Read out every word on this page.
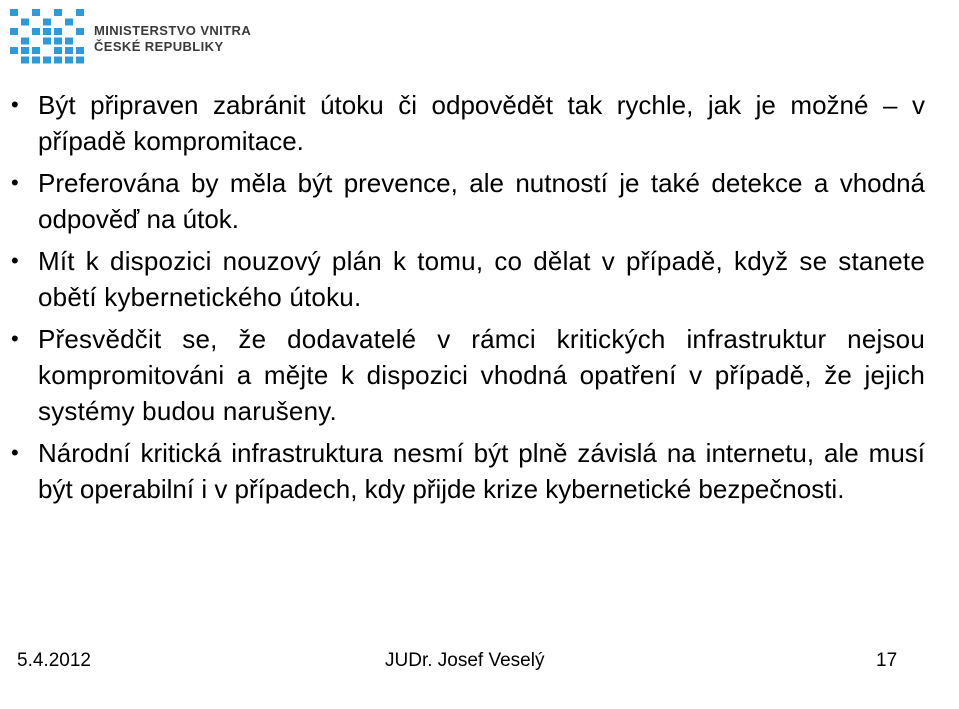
MINISTERSTVO VNITRA
ČESKÉ REPUBLIKY
• Být připraven zabránit útoku či odpovědět tak rychle, jak je možné – v případě kompromitace.
• Preferována by měla být prevence, ale nutností je také detekce a vhodná odpověď na útok.
• Mít k dispozici nouzový plán k tomu, co dělat v případě, když se stanete obětí kybernetického útoku.
• Přesvědčit se, že dodavatelé v rámci kritických infrastruktur nejsou kompromitováni a mějte k dispozici vhodná opatření v případě, že jejich systémy budou narušeny.
• Národní kritická infrastruktura nesmí být plně závislá na internetu, ale musí být operabilní i v případech, kdy přijde krize kybernetické bezpečnosti.
5.4.2012	JUDr. Josef Veselý	17
